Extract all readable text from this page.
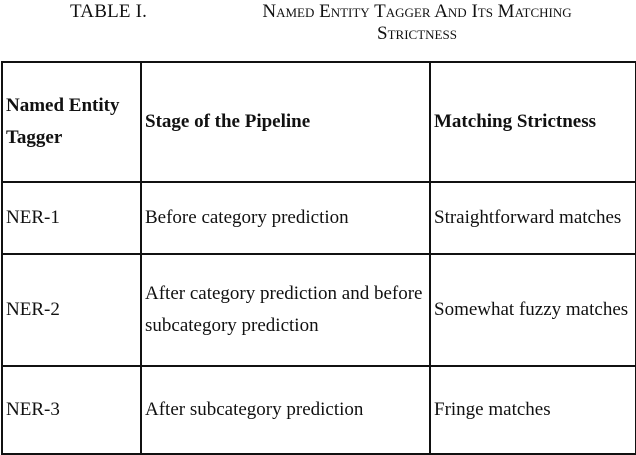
TABLE I.	Named Entity Tagger And Its Matching
Strictness
Named Entity Tagger	Stage of the Pipeline	Matching Strictness

NER-1	Before category prediction	Straightforward matches

NER-2	After category prediction and before subcategory prediction	Somewhat fuzzy matches

NER-3	After subcategory prediction	Fringe matches
